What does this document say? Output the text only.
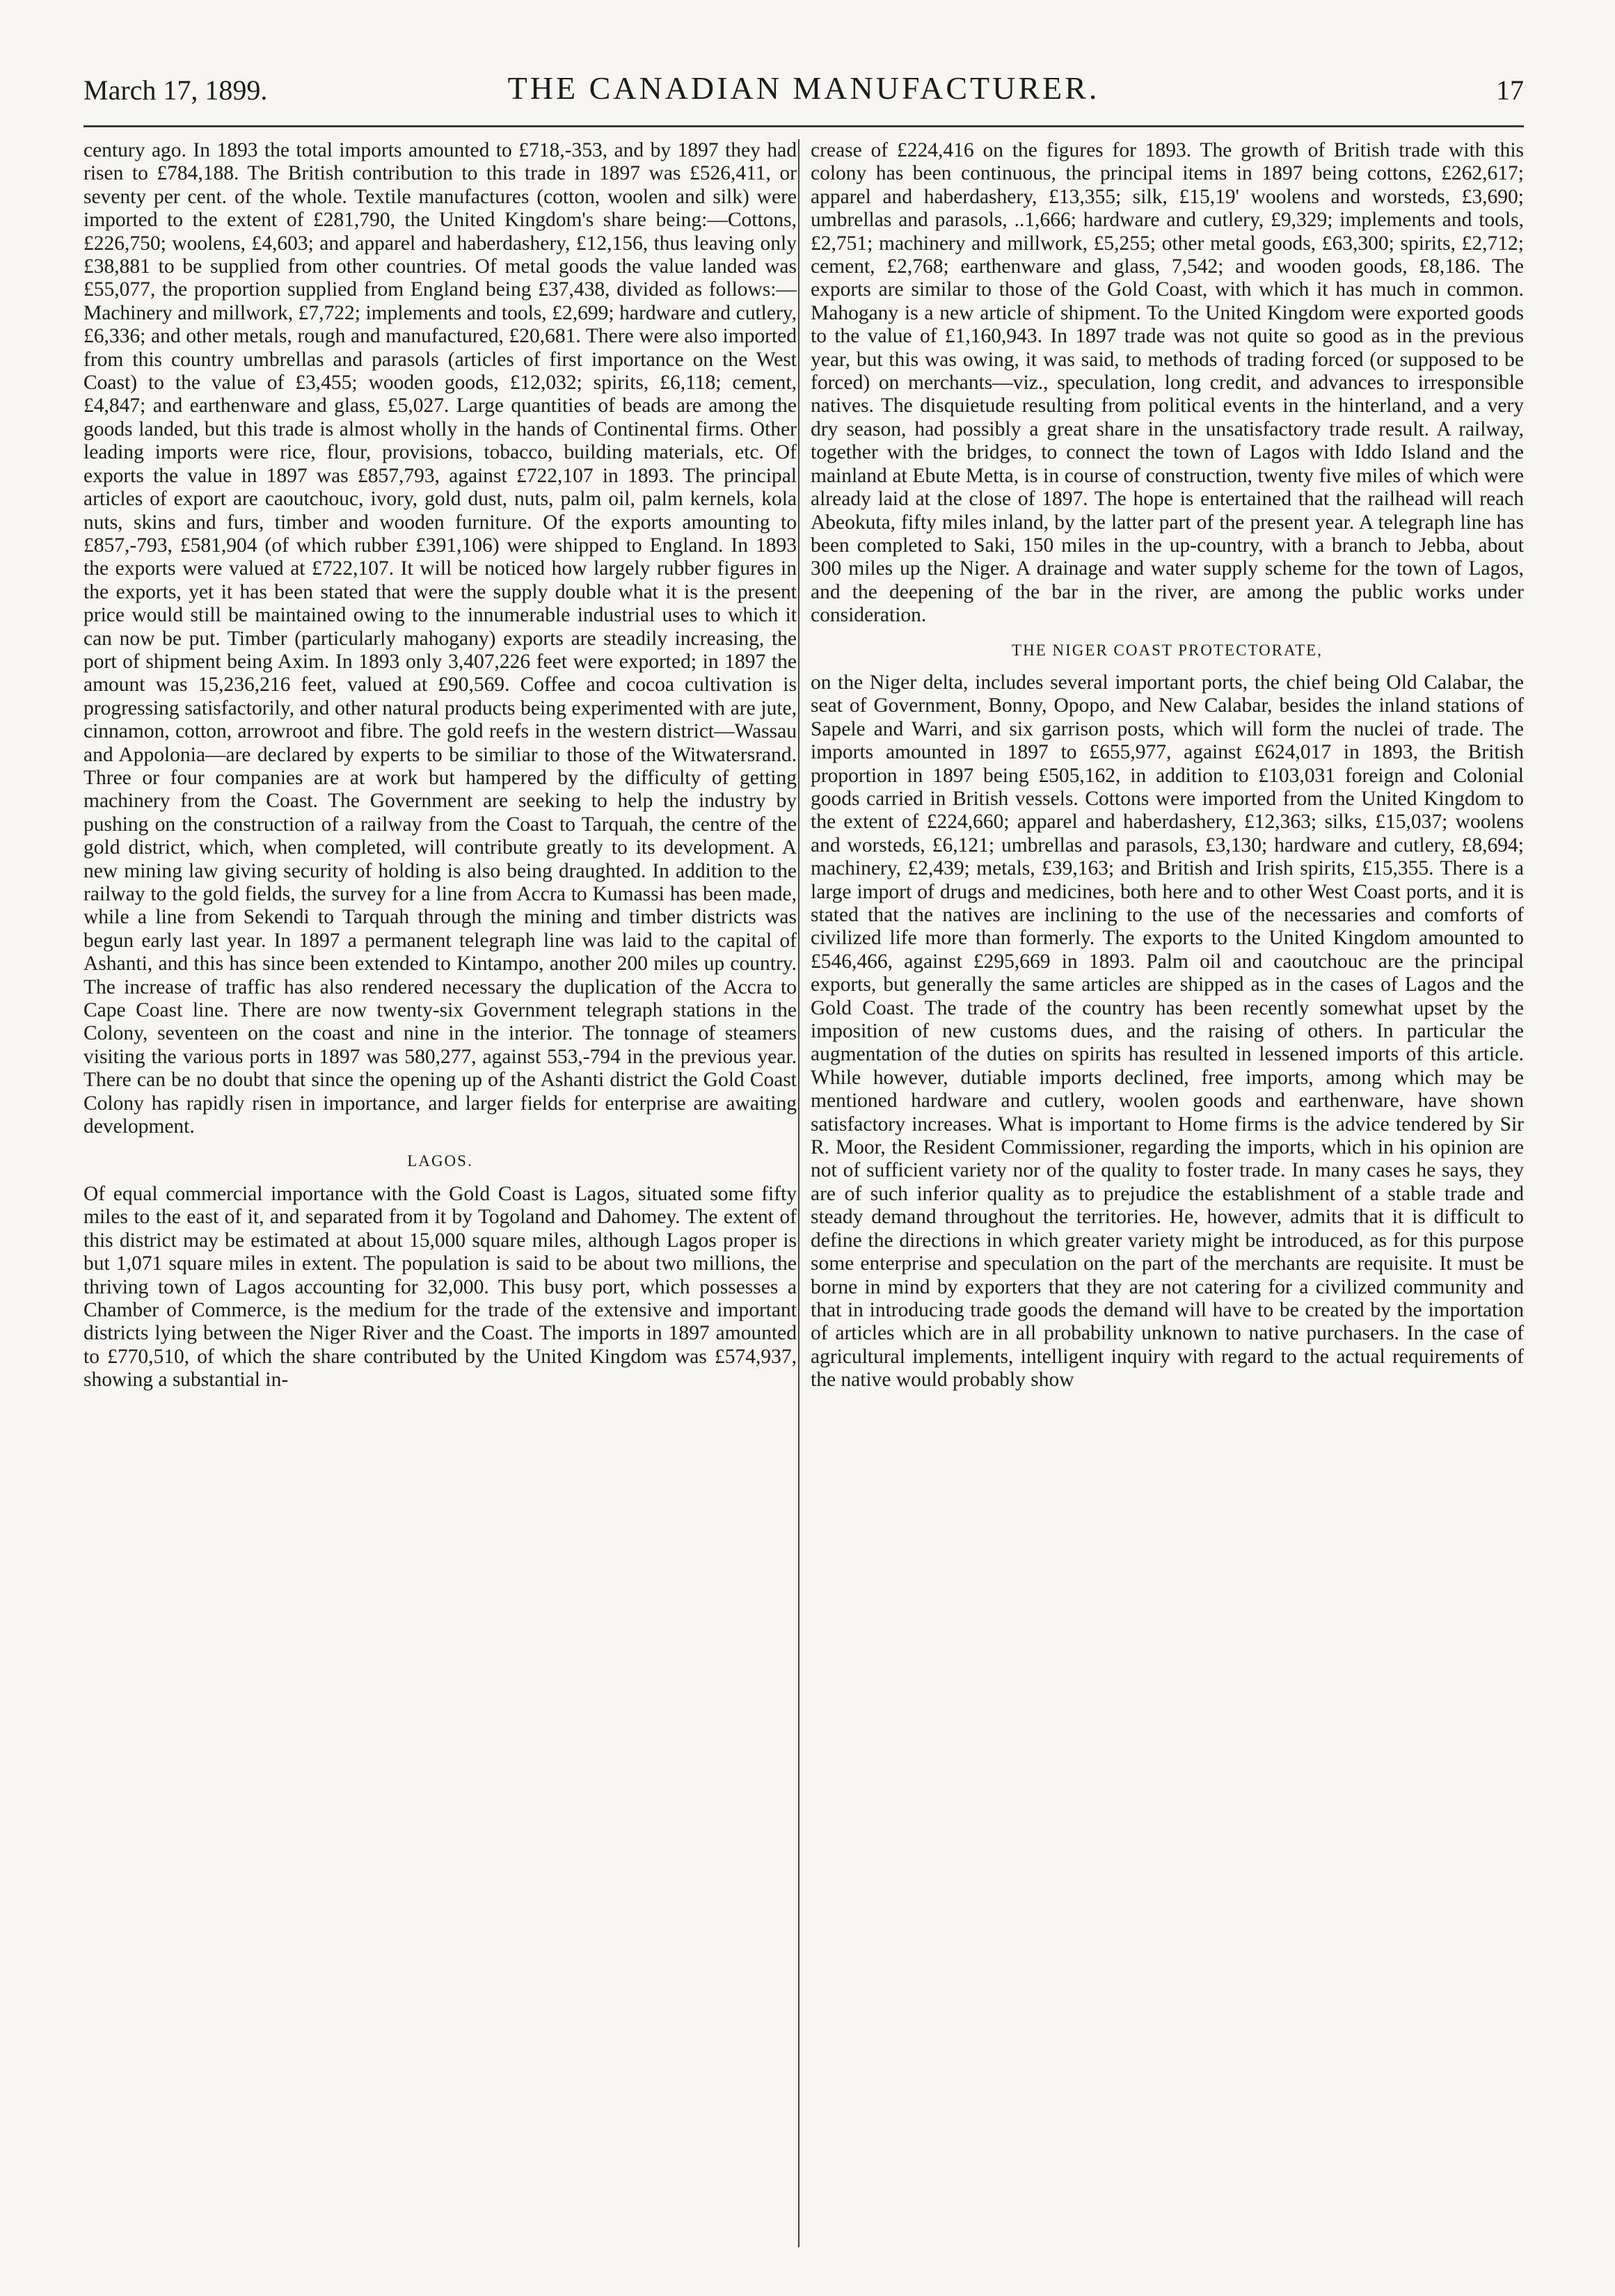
March 17, 1899.	THE CANADIAN MANUFACTURER.	17

century ago. In 1893 the total imports amounted to £718,-353, and by 1897 they had risen to £784,188. The British contribution to this trade in 1897 was £526,411, or seventy per cent. of the whole. Textile manufactures (cotton, woolen and silk) were imported to the extent of £281,790, the United Kingdom's share being:—Cottons, £226,750; woolens, £4,603; and apparel and haberdashery, £12,156, thus leaving only £38,881 to be supplied from other countries. Of metal goods the value landed was £55,077, the proportion supplied from England being £37,438, divided as follows:—Machinery and millwork, £7,722; implements and tools, £2,699; hardware and cutlery, £6,336; and other metals, rough and manufactured, £20,681. There were also imported from this country umbrellas and parasols (articles of first importance on the West Coast) to the value of £3,455; wooden goods, £12,032; spirits, £6,118; cement, £4,847; and earthenware and glass, £5,027. Large quantities of beads are among the goods landed, but this trade is almost wholly in the hands of Continental firms. Other leading imports were rice, flour, provisions, tobacco, building materials, etc. Of exports the value in 1897 was £857,793, against £722,107 in 1893. The principal articles of export are caoutchouc, ivory, gold dust, nuts, palm oil, palm kernels, kola nuts, skins and furs, timber and wooden furniture. Of the exports amounting to £857,-793, £581,904 (of which rubber £391,106) were shipped to England. In 1893 the exports were valued at £722,107. It will be noticed how largely rubber figures in the exports, yet it has been stated that were the supply double what it is the present price would still be maintained owing to the innumerable industrial uses to which it can now be put. Timber (particularly mahogany) exports are steadily increasing, the port of shipment being Axim. In 1893 only 3,407,226 feet were exported; in 1897 the amount was 15,236,216 feet, valued at £90,569. Coffee and cocoa cultivation is progressing satisfactorily, and other natural products being experimented with are jute, cinnamon, cotton, arrowroot and fibre. The gold reefs in the western district—Wassau and Appolonia—are declared by experts to be similiar to those of the Witwatersrand. Three or four companies are at work but hampered by the difficulty of getting machinery from the Coast. The Government are seeking to help the industry by pushing on the construction of a railway from the Coast to Tarquah, the centre of the gold district, which, when completed, will contribute greatly to its development. A new mining law giving security of holding is also being draughted. In addition to the railway to the gold fields, the survey for a line from Accra to Kumassi has been made, while a line from Sekendi to Tarquah through the mining and timber districts was begun early last year. In 1897 a permanent telegraph line was laid to the capital of Ashanti, and this has since been extended to Kintampo, another 200 miles up country. The increase of traffic has also rendered necessary the duplication of the Accra to Cape Coast line. There are now twenty-six Government telegraph stations in the Colony, seventeen on the coast and nine in the interior. The tonnage of steamers visiting the various ports in 1897 was 580,277, against 553,-794 in the previous year. There can be no doubt that since the opening up of the Ashanti district the Gold Coast Colony has rapidly risen in importance, and larger fields for enterprise are awaiting development.

LAGOS.

Of equal commercial importance with the Gold Coast is Lagos, situated some fifty miles to the east of it, and separated from it by Togoland and Dahomey. The extent of this district may be estimated at about 15,000 square miles, although Lagos proper is but 1,071 square miles in extent. The population is said to be about two millions, the thriving town of Lagos accounting for 32,000. This busy port, which possesses a Chamber of Commerce, is the medium for the trade of the extensive and important districts lying between the Niger River and the Coast. The imports in 1897 amounted to £770,510, of which the share contributed by the United Kingdom was £574,937, showing a substantial in-

crease of £224,416 on the figures for 1893. The growth of British trade with this colony has been continuous, the principal items in 1897 being cottons, £262,617; apparel and haberdashery, £13,355; silk, £15,19' woolens and worsteds, £3,690; umbrellas and parasols, ..1,666; hardware and cutlery, £9,329; implements and tools, £2,751; machinery and millwork, £5,255; other metal goods, £63,300; spirits, £2,712; cement, £2,768; earthenware and glass, 7,542; and wooden goods, £8,186. The exports are similar to those of the Gold Coast, with which it has much in common. Mahogany is a new article of shipment. To the United Kingdom were exported goods to the value of £1,160,943. In 1897 trade was not quite so good as in the previous year, but this was owing, it was said, to methods of trading forced (or supposed to be forced) on merchants—viz., speculation, long credit, and advances to irresponsible natives. The disquietude resulting from political events in the hinterland, and a very dry season, had possibly a great share in the unsatisfactory trade result. A railway, together with the bridges, to connect the town of Lagos with Iddo Island and the mainland at Ebute Metta, is in course of construction, twenty five miles of which were already laid at the close of 1897. The hope is entertained that the railhead will reach Abeokuta, fifty miles inland, by the latter part of the present year. A telegraph line has been completed to Saki, 150 miles in the up-country, with a branch to Jebba, about 300 miles up the Niger. A drainage and water supply scheme for the town of Lagos, and the deepening of the bar in the river, are among the public works under consideration.

THE NIGER COAST PROTECTORATE,

on the Niger delta, includes several important ports, the chief being Old Calabar, the seat of Government, Bonny, Opopo, and New Calabar, besides the inland stations of Sapele and Warri, and six garrison posts, which will form the nuclei of trade. The imports amounted in 1897 to £655,977, against £624,017 in 1893, the British proportion in 1897 being £505,162, in addition to £103,031 foreign and Colonial goods carried in British vessels. Cottons were imported from the United Kingdom to the extent of £224,660; apparel and haberdashery, £12,363; silks, £15,037; woolens and worsteds, £6,121; umbrellas and parasols, £3,130; hardware and cutlery, £8,694; machinery, £2,439; metals, £39,163; and British and Irish spirits, £15,355. There is a large import of drugs and medicines, both here and to other West Coast ports, and it is stated that the natives are inclining to the use of the necessaries and comforts of civilized life more than formerly. The exports to the United Kingdom amounted to £546,466, against £295,669 in 1893. Palm oil and caoutchouc are the principal exports, but generally the same articles are shipped as in the cases of Lagos and the Gold Coast. The trade of the country has been recently somewhat upset by the imposition of new customs dues, and the raising of others. In particular the augmentation of the duties on spirits has resulted in lessened imports of this article. While however, dutiable imports declined, free imports, among which may be mentioned hardware and cutlery, woolen goods and earthenware, have shown satisfactory increases. What is important to Home firms is the advice tendered by Sir R. Moor, the Resident Commissioner, regarding the imports, which in his opinion are not of sufficient variety nor of the quality to foster trade. In many cases he says, they are of such inferior quality as to prejudice the establishment of a stable trade and steady demand throughout the territories. He, however, admits that it is difficult to define the directions in which greater variety might be introduced, as for this purpose some enterprise and speculation on the part of the merchants are requisite. It must be borne in mind by exporters that they are not catering for a civilized community and that in introducing trade goods the demand will have to be created by the importation of articles which are in all probability unknown to native purchasers. In the case of agricultural implements, intelligent inquiry with regard to the actual requirements of the native would probably show
